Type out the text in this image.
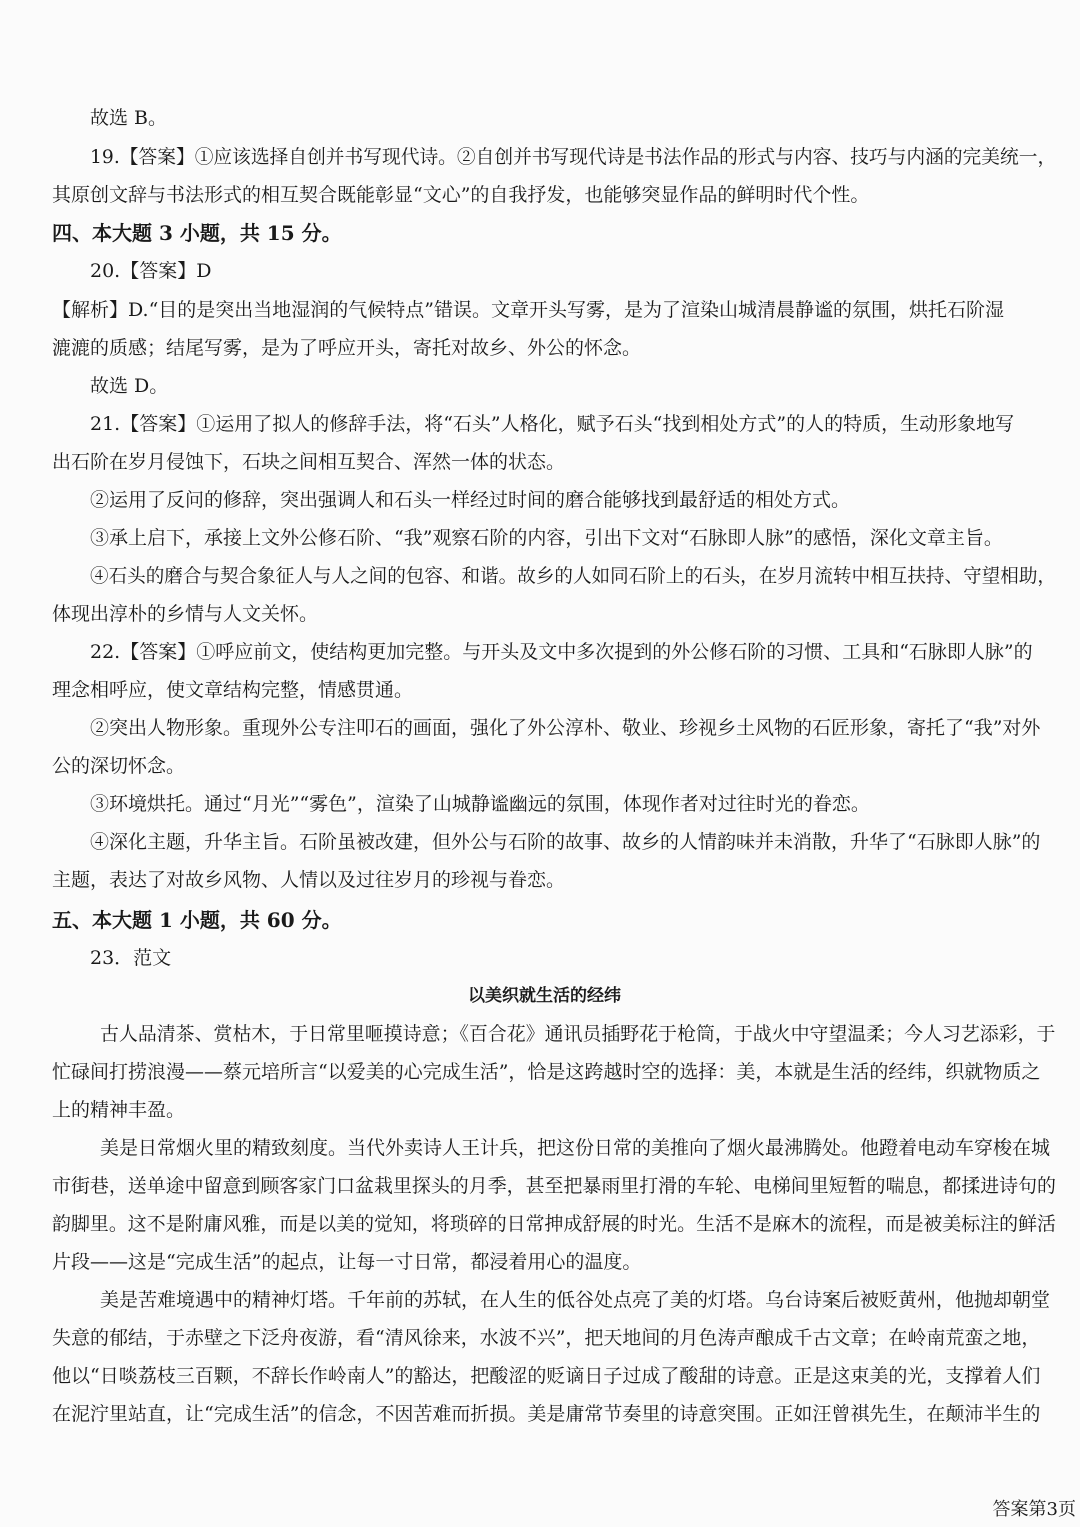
故选 B。
19.【答案】①应该选择自创并书写现代诗。②自创并书写现代诗是书法作品的形式与内容、技巧与内涵的完美统一，
其原创文辞与书法形式的相互契合既能彰显“文心”的自我抒发，也能够突显作品的鲜明时代个性。
四、本大题 3 小题，共 15 分。
20.【答案】D
【解析】D.“目的是突出当地湿润的气候特点”错误。文章开头写雾，是为了渲染山城清晨静谧的氛围，烘托石阶湿
漉漉的质感；结尾写雾，是为了呼应开头，寄托对故乡、外公的怀念。
故选 D。
21.【答案】①运用了拟人的修辞手法，将“石头”人格化，赋予石头“找到相处方式”的人的特质，生动形象地写
出石阶在岁月侵蚀下，石块之间相互契合、浑然一体的状态。
②运用了反问的修辞，突出强调人和石头一样经过时间的磨合能够找到最舒适的相处方式。
③承上启下，承接上文外公修石阶、“我”观察石阶的内容，引出下文对“石脉即人脉”的感悟，深化文章主旨。
④石头的磨合与契合象征人与人之间的包容、和谐。故乡的人如同石阶上的石头，在岁月流转中相互扶持、守望相助，
体现出淳朴的乡情与人文关怀。
22.【答案】①呼应前文，使结构更加完整。与开头及文中多次提到的外公修石阶的习惯、工具和“石脉即人脉”的
理念相呼应，使文章结构完整，情感贯通。
②突出人物形象。重现外公专注叩石的画面，强化了外公淳朴、敬业、珍视乡土风物的石匠形象，寄托了“我”对外
公的深切怀念。
③环境烘托。通过“月光”“雾色”，渲染了山城静谧幽远的氛围，体现作者对过往时光的眷恋。
④深化主题，升华主旨。石阶虽被改建，但外公与石阶的故事、故乡的人情韵味并未消散，升华了“石脉即人脉”的
主题，表达了对故乡风物、人情以及过往岁月的珍视与眷恋。
五、本大题 1 小题，共 60 分。
23．范文
以美织就生活的经纬
古人品清茶、赏枯木，于日常里咂摸诗意；《百合花》通讯员插野花于枪筒，于战火中守望温柔；今人习艺添彩，于
忙碌间打捞浪漫——蔡元培所言“以爱美的心完成生活”，恰是这跨越时空的选择：美，本就是生活的经纬，织就物质之
上的精神丰盈。
美是日常烟火里的精致刻度。当代外卖诗人王计兵，把这份日常的美推向了烟火最沸腾处。他蹬着电动车穿梭在城
市街巷，送单途中留意到顾客家门口盆栽里探头的月季，甚至把暴雨里打滑的车轮、电梯间里短暂的喘息，都揉进诗句的
韵脚里。这不是附庸风雅，而是以美的觉知，将琐碎的日常抻成舒展的时光。生活不是麻木的流程，而是被美标注的鲜活
片段——这是“完成生活”的起点，让每一寸日常，都浸着用心的温度。
美是苦难境遇中的精神灯塔。千年前的苏轼，在人生的低谷处点亮了美的灯塔。乌台诗案后被贬黄州，他抛却朝堂
失意的郁结，于赤壁之下泛舟夜游，看“清风徐来，水波不兴”，把天地间的月色涛声酿成千古文章；在岭南荒蛮之地，
他以“日啖荔枝三百颗，不辞长作岭南人”的豁达，把酸涩的贬谪日子过成了酸甜的诗意。正是这束美的光，支撑着人们
在泥泞里站直，让“完成生活”的信念，不因苦难而折损。美是庸常节奏里的诗意突围。正如汪曾祺先生，在颠沛半生的
答案第3页
